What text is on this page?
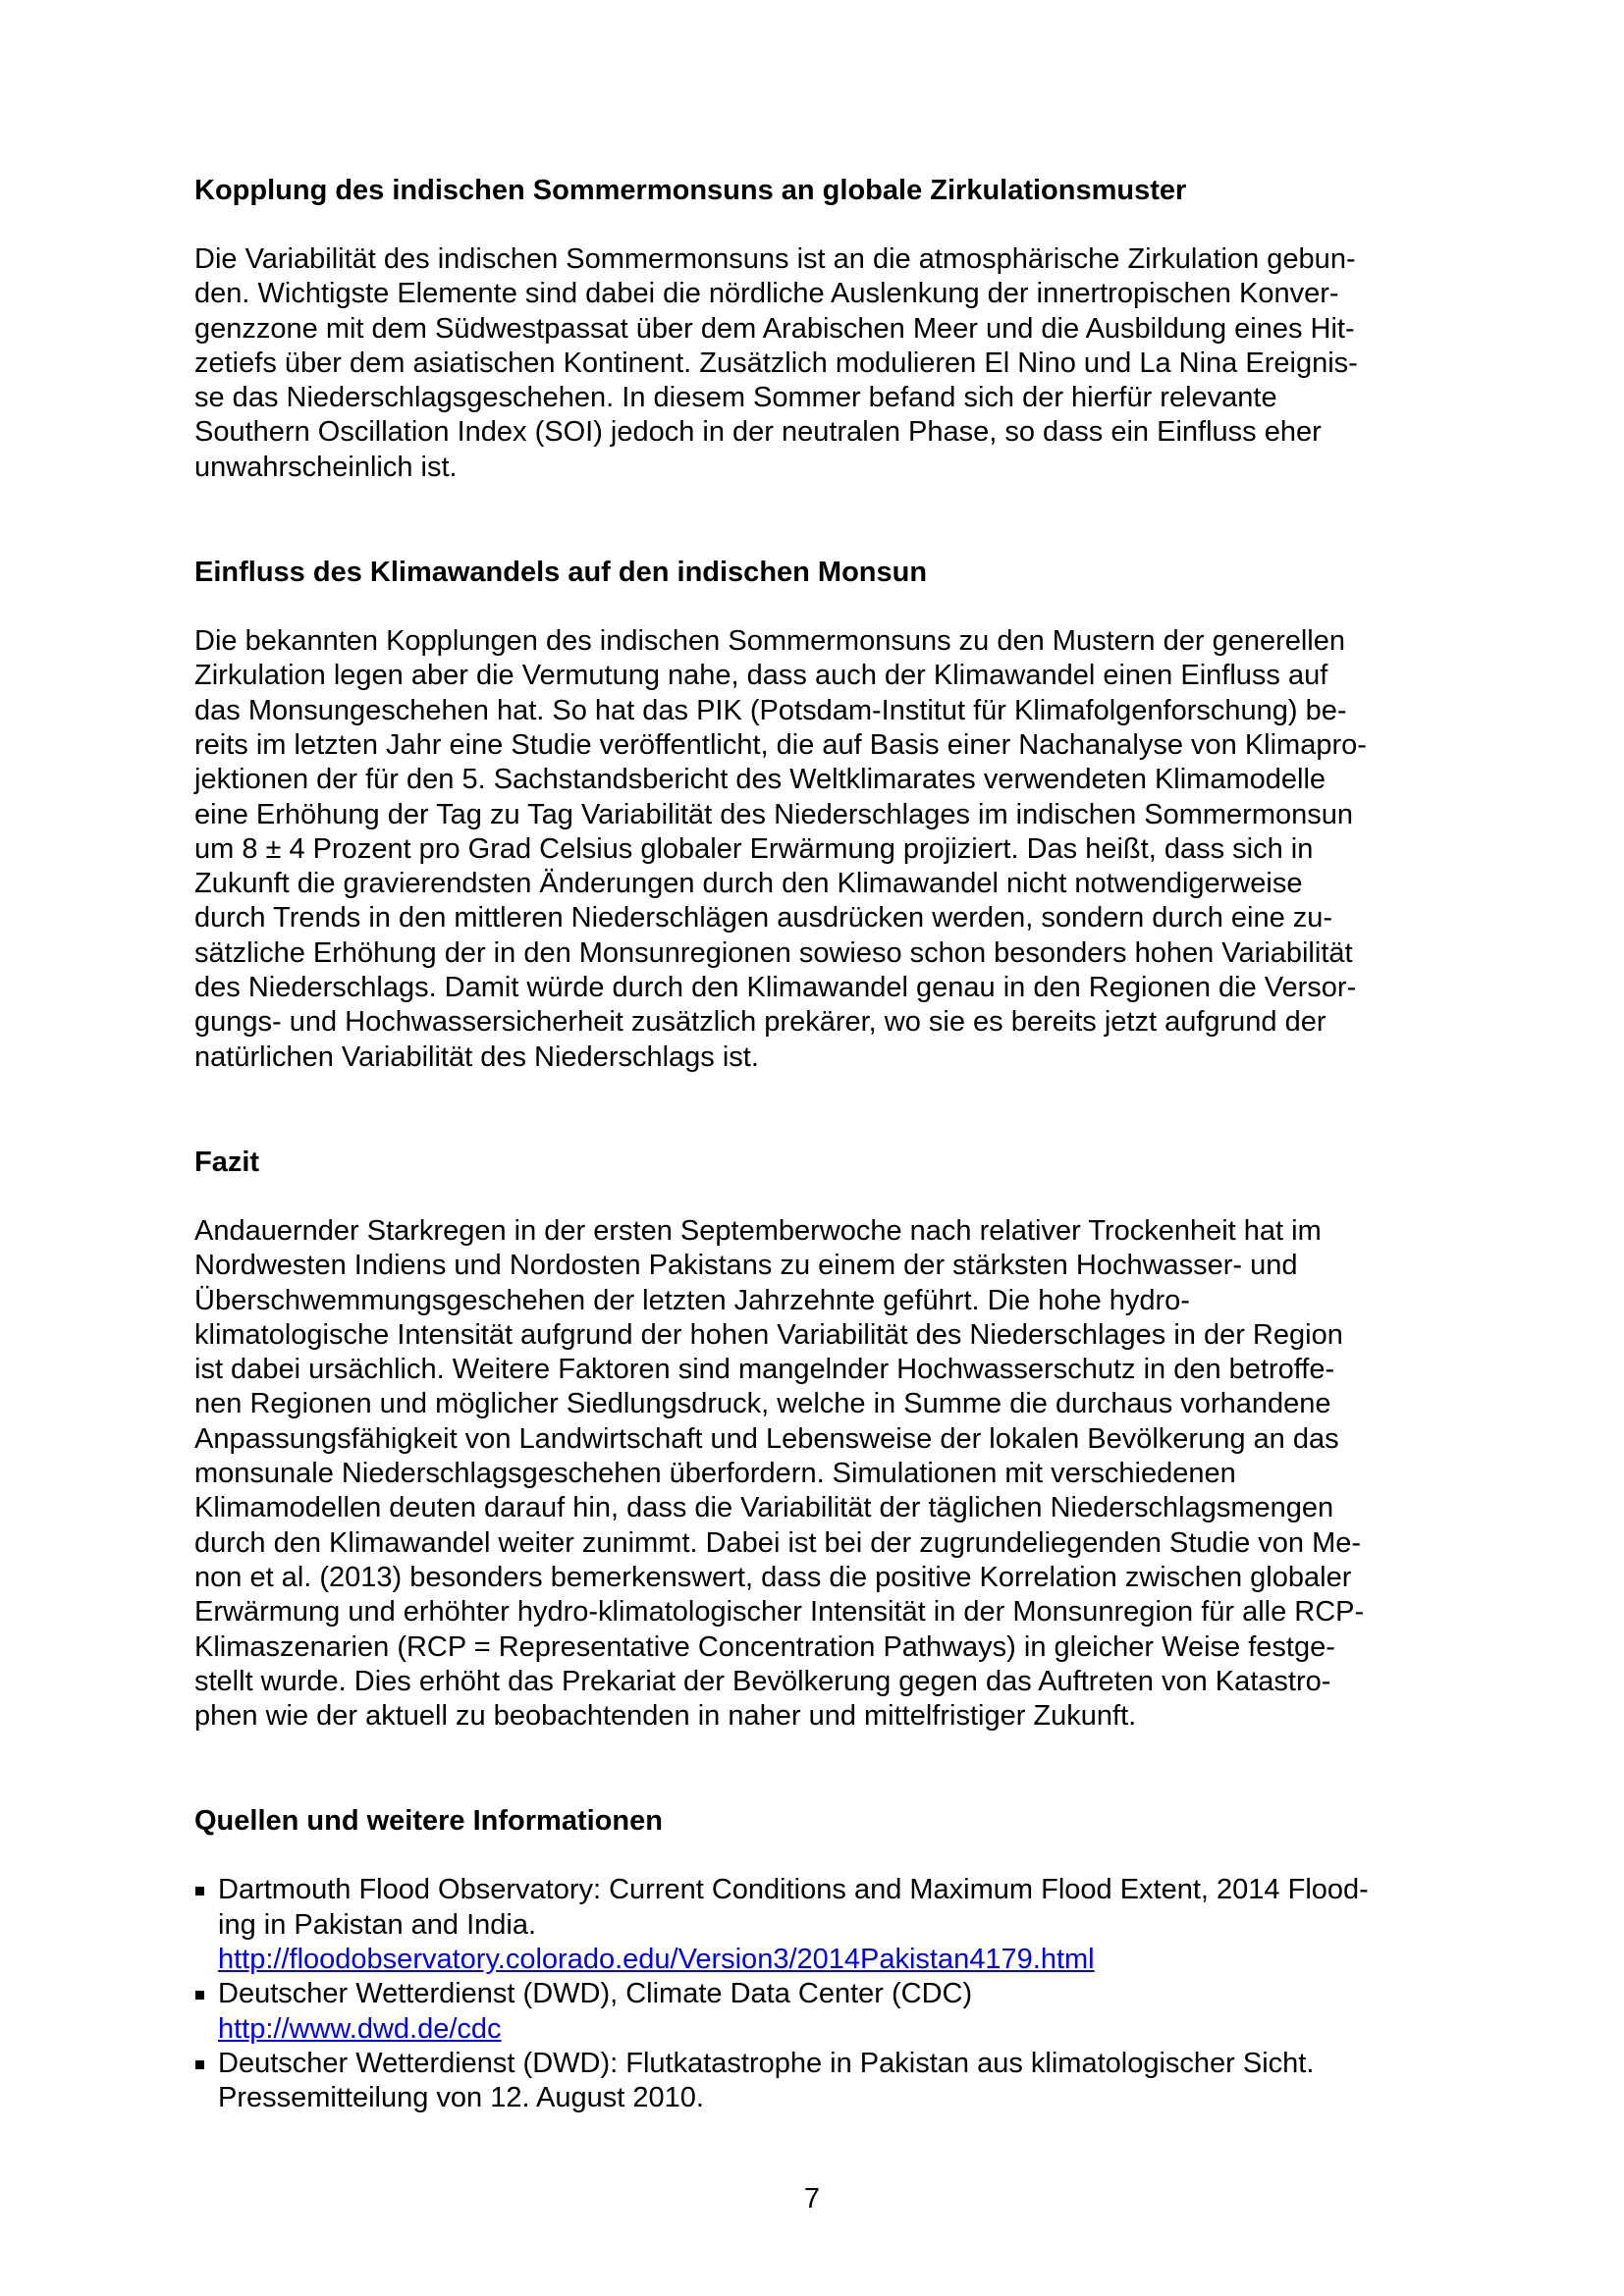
Kopplung des indischen Sommermonsuns an globale Zirkulationsmuster

Die Variabilität des indischen Sommermonsuns ist an die atmosphärische Zirkulation gebun-
den. Wichtigste Elemente sind dabei die nördliche Auslenkung der innertropischen Konver-
genzzone mit dem Südwestpassat über dem Arabischen Meer und die Ausbildung eines Hit-
zetiefs über dem asiatischen Kontinent. Zusätzlich modulieren El Nino und La Nina Ereignis-
se das Niederschlagsgeschehen. In diesem Sommer befand sich der hierfür relevante
Southern Oscillation Index (SOI) jedoch in der neutralen Phase, so dass ein Einfluss eher
unwahrscheinlich ist.

Einfluss des Klimawandels auf den indischen Monsun

Die bekannten Kopplungen des indischen Sommermonsuns zu den Mustern der generellen
Zirkulation legen aber die Vermutung nahe, dass auch der Klimawandel einen Einfluss auf
das Monsungeschehen hat. So hat das PIK (Potsdam-Institut für Klimafolgenforschung) be-
reits im letzten Jahr eine Studie veröffentlicht, die auf Basis einer Nachanalyse von Klimapro-
jektionen der für den 5. Sachstandsbericht des Weltklimarates verwendeten Klimamodelle
eine Erhöhung der Tag zu Tag Variabilität des Niederschlages im indischen Sommermonsun
um 8 ± 4 Prozent pro Grad Celsius globaler Erwärmung projiziert. Das heißt, dass sich in
Zukunft die gravierendsten Änderungen durch den Klimawandel nicht notwendigerweise
durch Trends in den mittleren Niederschlägen ausdrücken werden, sondern durch eine zu-
sätzliche Erhöhung der in den Monsunregionen sowieso schon besonders hohen Variabilität
des Niederschlags. Damit würde durch den Klimawandel genau in den Regionen die Versor-
gungs- und Hochwassersicherheit zusätzlich prekärer, wo sie es bereits jetzt aufgrund der
natürlichen Variabilität des Niederschlags ist.

Fazit

Andauernder Starkregen in der ersten Septemberwoche nach relativer Trockenheit hat im
Nordwesten Indiens und Nordosten Pakistans zu einem der stärksten Hochwasser- und
Überschwemmungsgeschehen der letzten Jahrzehnte geführt. Die hohe hydro-
klimatologische Intensität aufgrund der hohen Variabilität des Niederschlages in der Region
ist dabei ursächlich. Weitere Faktoren sind mangelnder Hochwasserschutz in den betroffe-
nen Regionen und möglicher Siedlungsdruck, welche in Summe die durchaus vorhandene
Anpassungsfähigkeit von Landwirtschaft und Lebensweise der lokalen Bevölkerung an das
monsunale Niederschlagsgeschehen überfordern. Simulationen mit verschiedenen
Klimamodellen deuten darauf hin, dass die Variabilität der täglichen Niederschlagsmengen
durch den Klimawandel weiter zunimmt. Dabei ist bei der zugrundeliegenden Studie von Me-
non et al. (2013) besonders bemerkenswert, dass die positive Korrelation zwischen globaler
Erwärmung und erhöhter hydro-klimatologischer Intensität in der Monsunregion für alle RCP-
Klimaszenarien (RCP = Representative Concentration Pathways) in gleicher Weise festge-
stellt wurde. Dies erhöht das Prekariat der Bevölkerung gegen das Auftreten von Katastro-
phen wie der aktuell zu beobachtenden in naher und mittelfristiger Zukunft.

Quellen und weitere Informationen
Dartmouth Flood Observatory: Current Conditions and Maximum Flood Extent, 2014 Flood-
ing in Pakistan and India.
http://floodobservatory.colorado.edu/Version3/2014Pakistan4179.html
Deutscher Wetterdienst (DWD), Climate Data Center (CDC)
http://www.dwd.de/cdc
Deutscher Wetterdienst (DWD): Flutkatastrophe in Pakistan aus klimatologischer Sicht.
Pressemitteilung von 12. August 2010.
7
